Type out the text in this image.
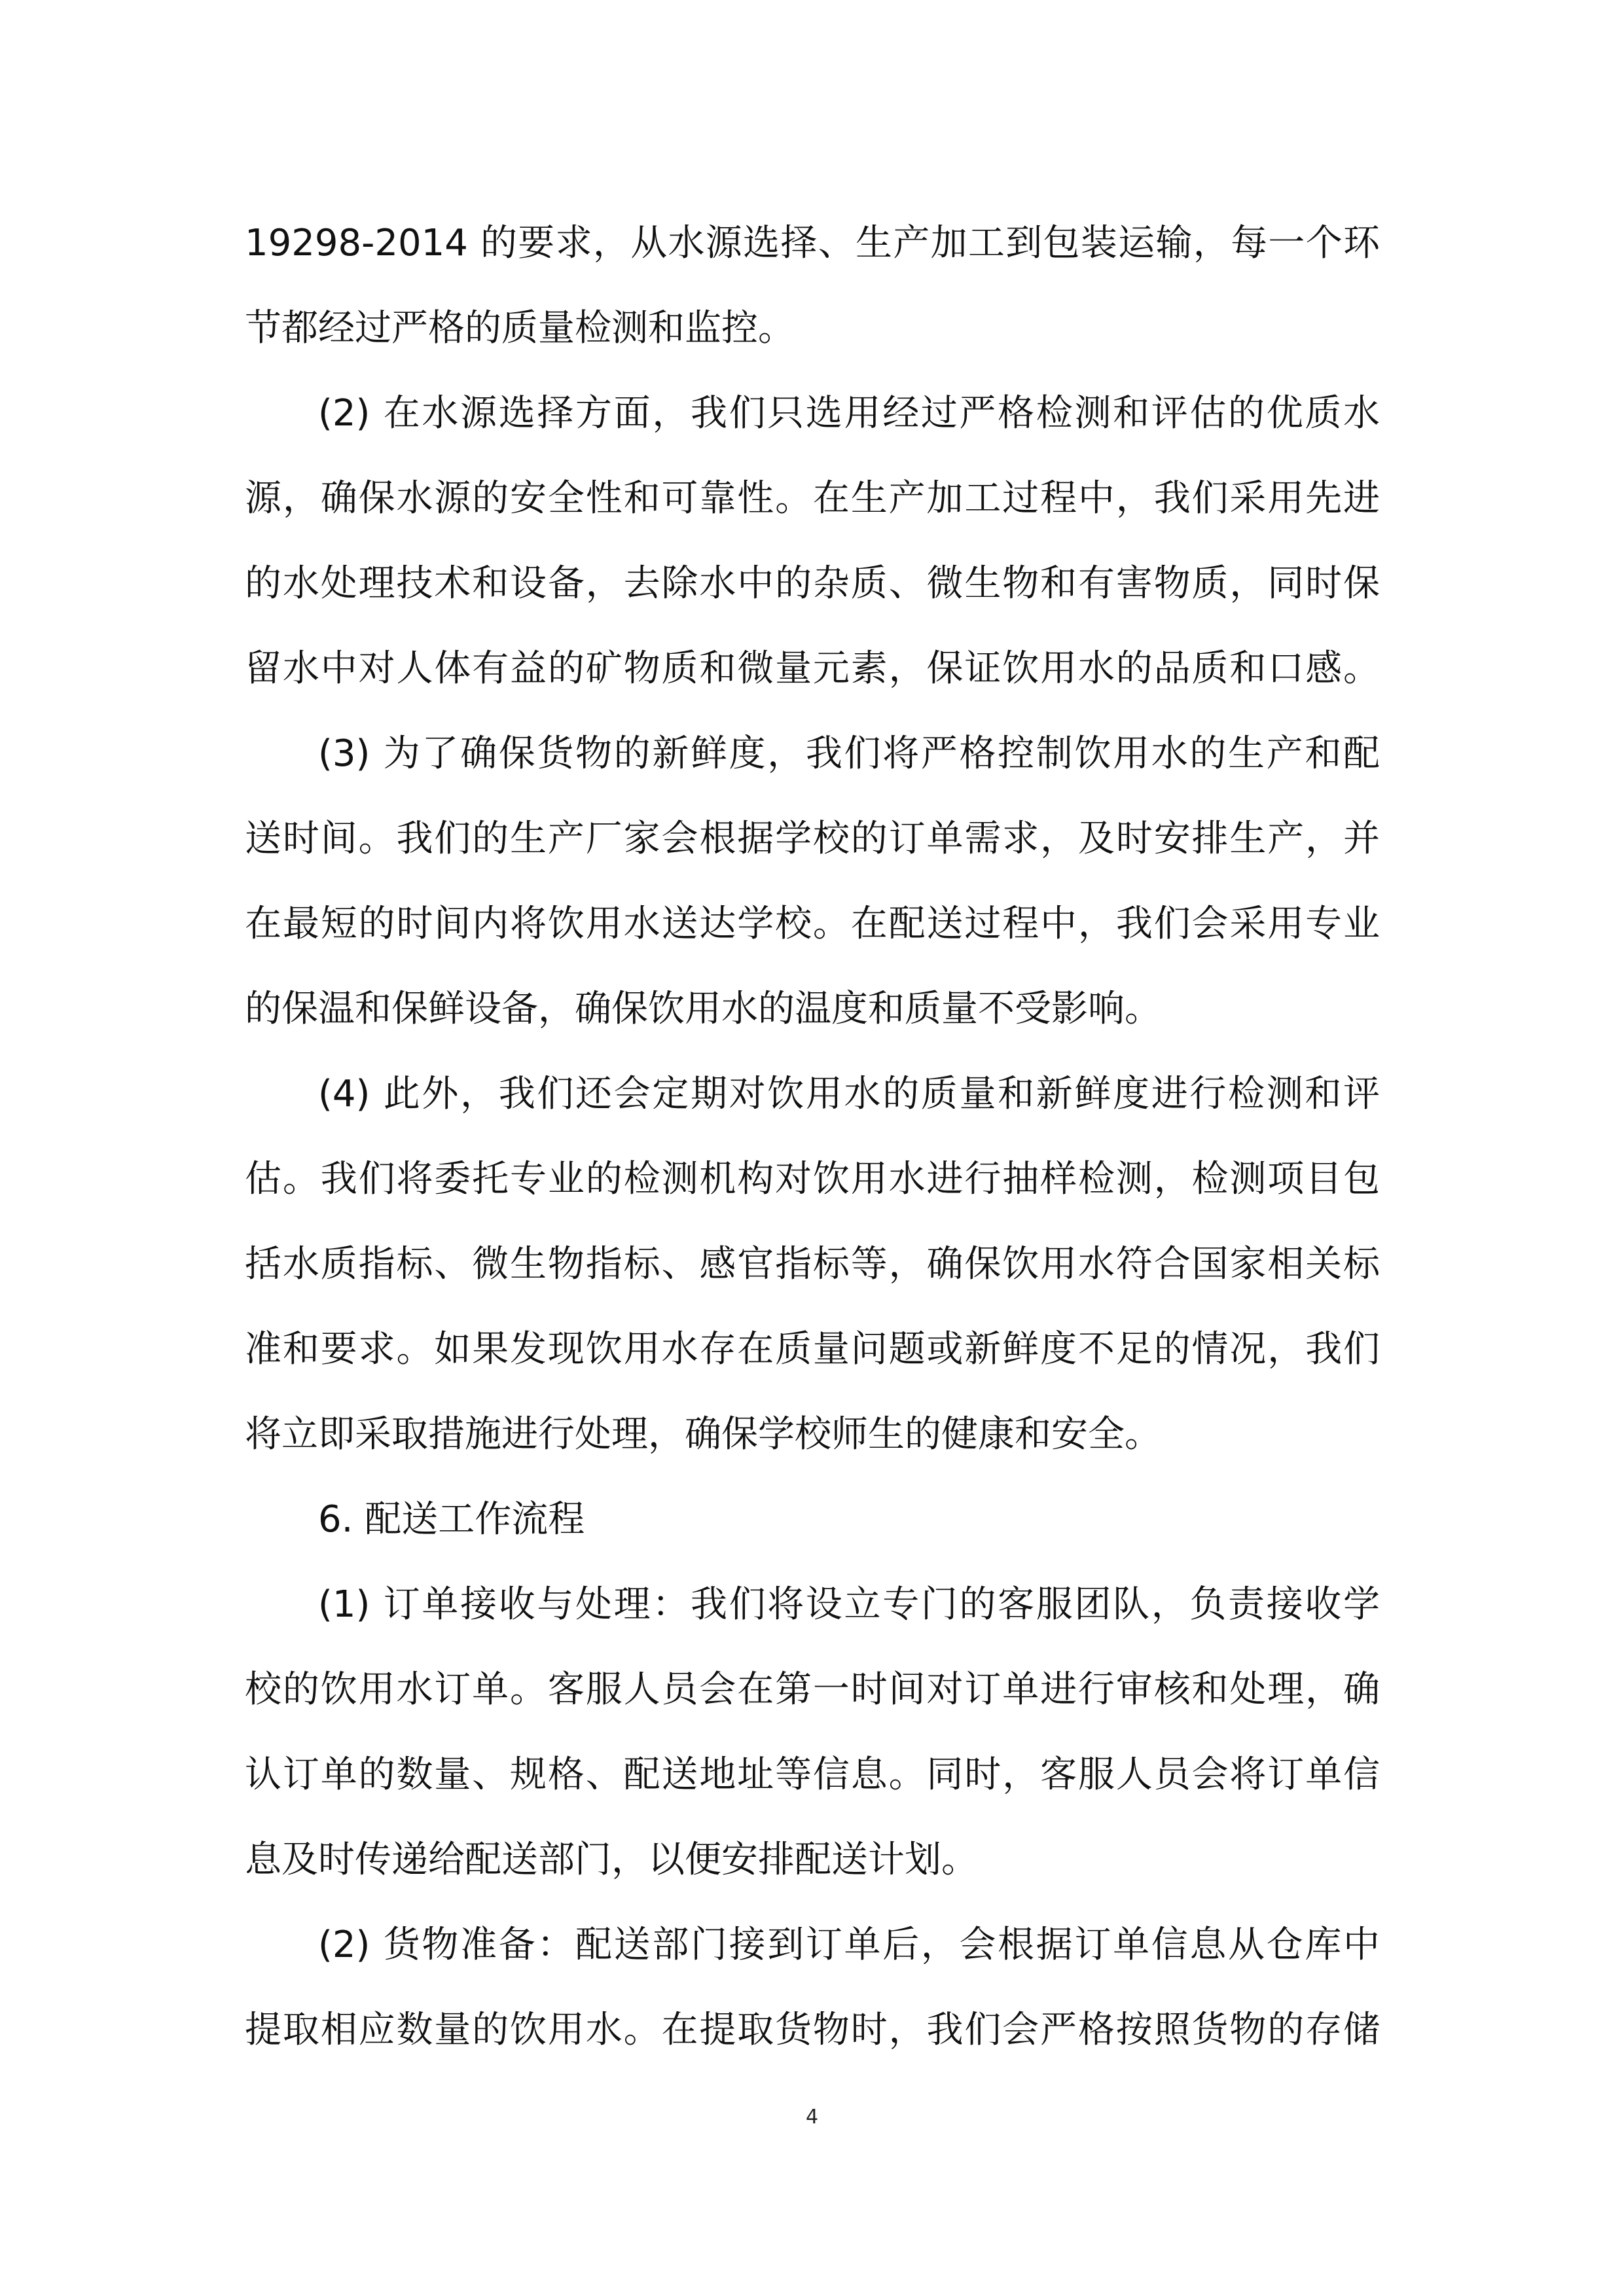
19298-2014 的要求，从水源选择、生产加工到包装运输，每一个环
节都经过严格的质量检测和监控。
(2) 在水源选择方面，我们只选用经过严格检测和评估的优质水
源，确保水源的安全性和可靠性。在生产加工过程中，我们采用先进
的水处理技术和设备，去除水中的杂质、微生物和有害物质，同时保
留水中对人体有益的矿物质和微量元素，保证饮用水的品质和口感。
(3) 为了确保货物的新鲜度，我们将严格控制饮用水的生产和配
送时间。我们的生产厂家会根据学校的订单需求，及时安排生产，并
在最短的时间内将饮用水送达学校。在配送过程中，我们会采用专业
的保温和保鲜设备，确保饮用水的温度和质量不受影响。
(4) 此外，我们还会定期对饮用水的质量和新鲜度进行检测和评
估。我们将委托专业的检测机构对饮用水进行抽样检测，检测项目包
括水质指标、微生物指标、感官指标等，确保饮用水符合国家相关标
准和要求。如果发现饮用水存在质量问题或新鲜度不足的情况，我们
将立即采取措施进行处理，确保学校师生的健康和安全。
6. 配送工作流程
(1) 订单接收与处理：我们将设立专门的客服团队，负责接收学
校的饮用水订单。客服人员会在第一时间对订单进行审核和处理，确
认订单的数量、规格、配送地址等信息。同时，客服人员会将订单信
息及时传递给配送部门，以便安排配送计划。
(2) 货物准备：配送部门接到订单后，会根据订单信息从仓库中
提取相应数量的饮用水。在提取货物时，我们会严格按照货物的存储
4
